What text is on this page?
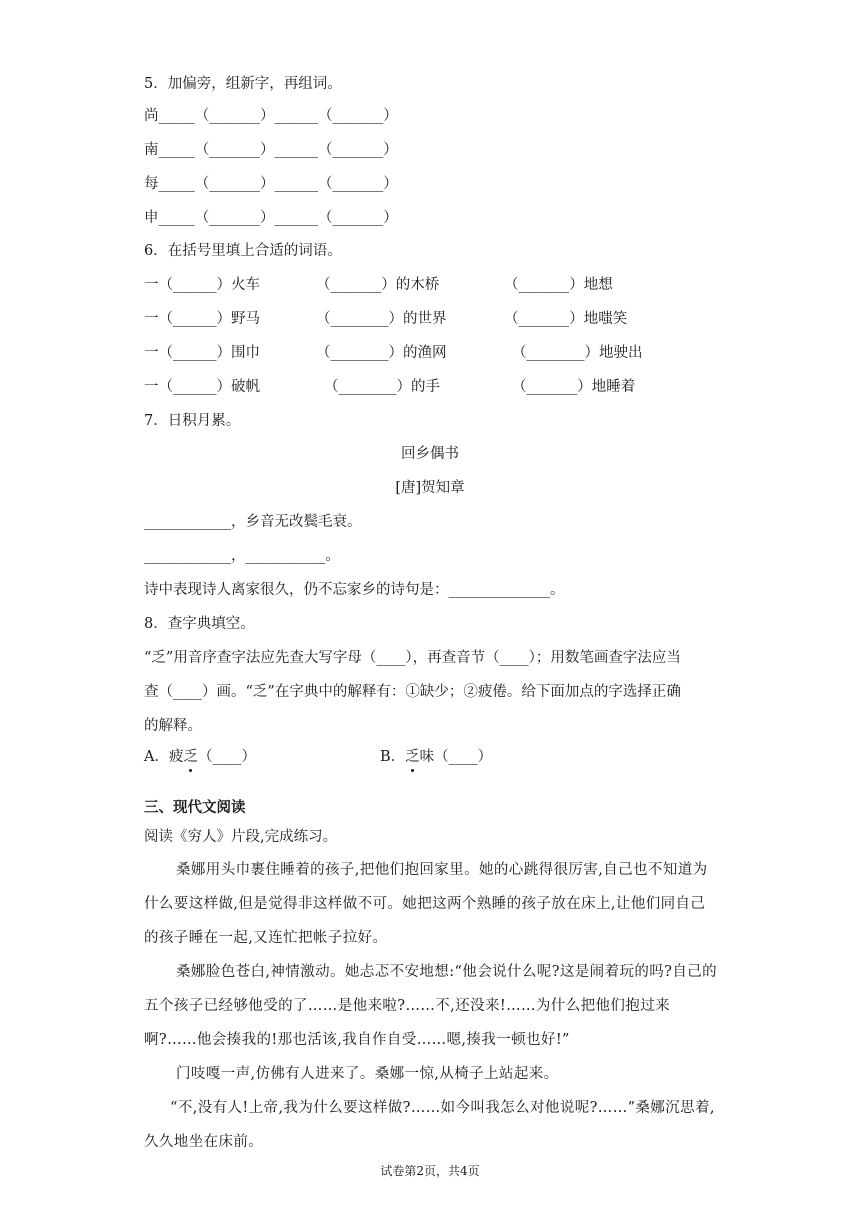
5．加偏旁，组新字，再组词。
尚_____（_______）______（_______）
南_____（_______）______（_______）
每_____（_______）______（_______）
申_____（_______）______（_______）
6．在括号里填上合适的词语。
一（______）火车	（_______）的木桥	（_______）地想
一（______）野马	（________）的世界	（_______）地嗤笑
一（______）围巾	（________）的渔网	（________）地驶出
一（______）破帆	（________）的手	（_______）地睡着
7．日积月累。
回乡偶书
[唐]贺知章
____________，乡音无改鬓毛衰。
____________，___________。
诗中表现诗人离家很久，仍不忘家乡的诗句是：______________。
8．查字典填空。
“乏”用音序查字法应先查大写字母（____），再查音节（____）；用数笔画查字法应当
查（____）画。“乏”在字典中的解释有：①缺少；②疲倦。给下面加点的字选择正确
的解释。
A．疲乏（____）	B．乏味（____）
三、现代文阅读
阅读《穷人》片段,完成练习。
桑娜用头巾裹住睡着的孩子,把他们抱回家里。她的心跳得很厉害,自己也不知道为
什么要这样做,但是觉得非这样做不可。她把这两个熟睡的孩子放在床上,让他们同自己
的孩子睡在一起,又连忙把帐子拉好。
桑娜脸色苍白,神情激动。她忐忑不安地想:“他会说什么呢?这是闹着玩的吗?自己的
五个孩子已经够他受的了……是他来啦?……不,还没来!……为什么把他们抱过来
啊?……他会揍我的!那也活该,我自作自受……嗯,揍我一顿也好!”
门吱嘎一声,仿佛有人进来了。桑娜一惊,从椅子上站起来。
“不,没有人!上帝,我为什么要这样做?……如今叫我怎么对他说呢?……”桑娜沉思着,
久久地坐在床前。
试卷第2页，共4页
